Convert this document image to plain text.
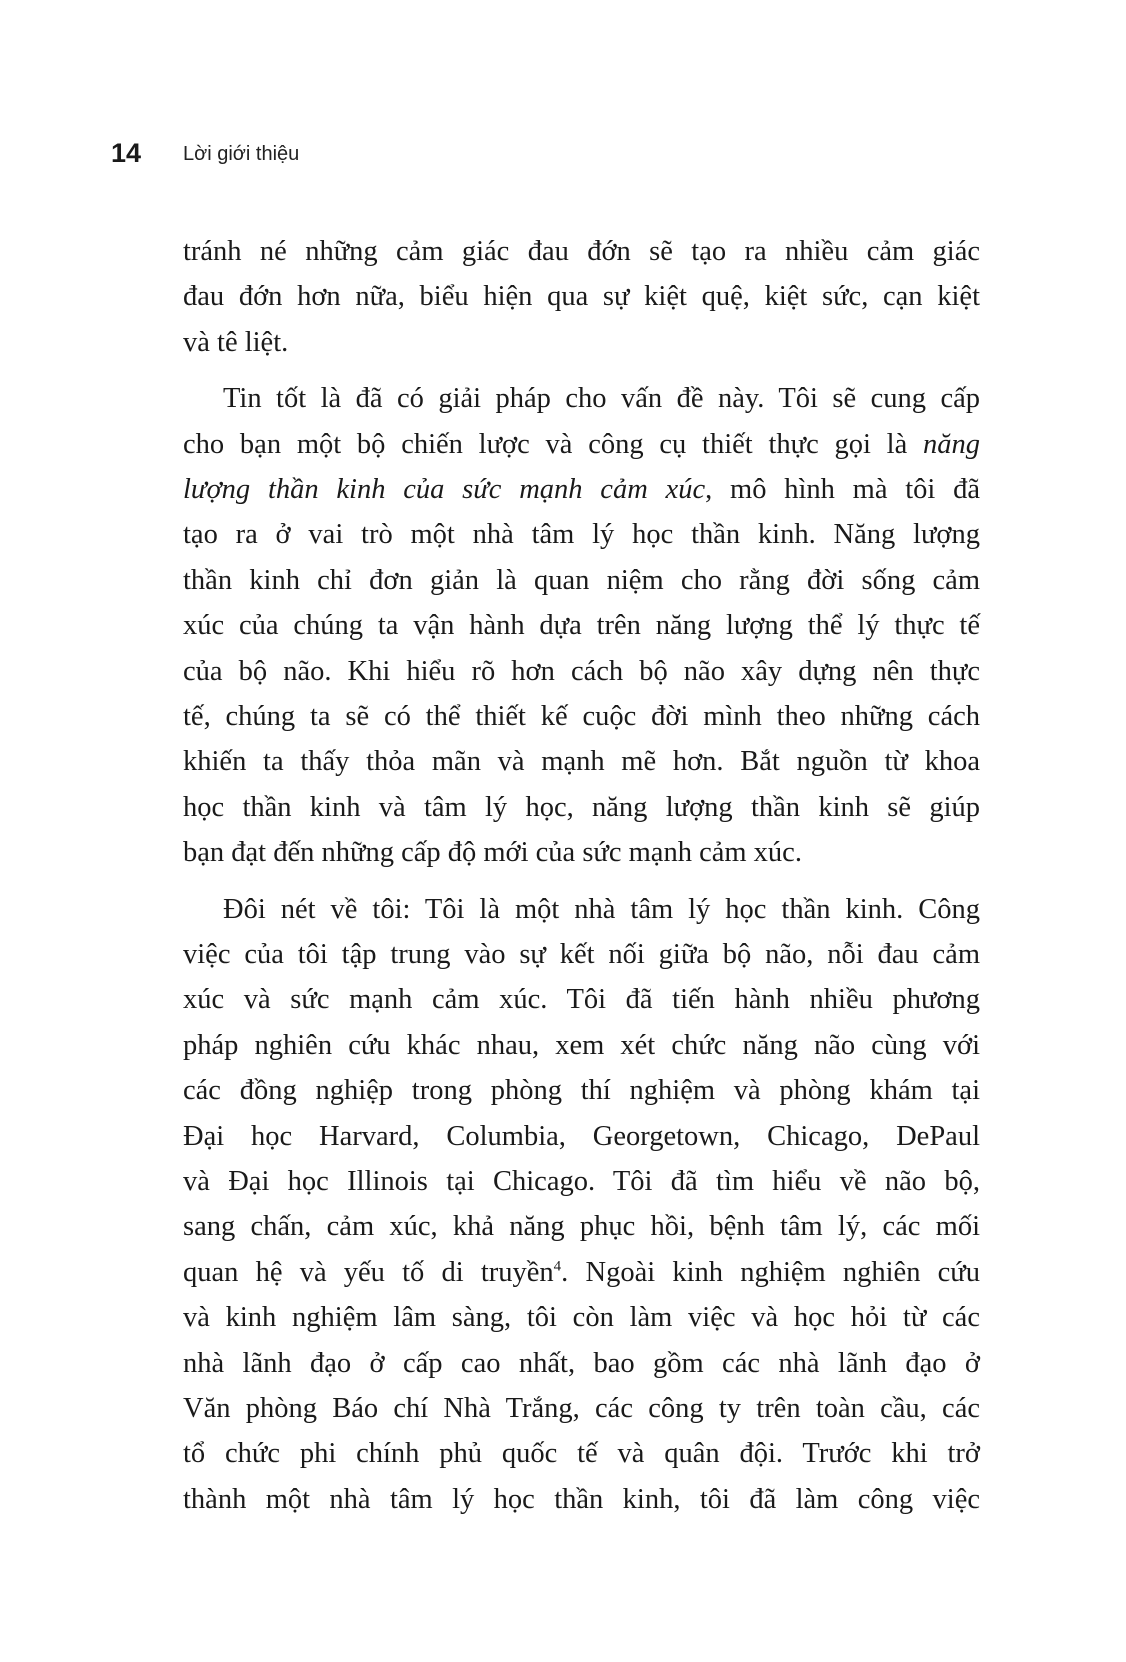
14 Lời giới thiệu
tránh né những cảm giác đau đớn sẽ tạo ra nhiều cảm giác
đau đớn hơn nữa, biểu hiện qua sự kiệt quệ, kiệt sức, cạn kiệt
và tê liệt.
Tin tốt là đã có giải pháp cho vấn đề này. Tôi sẽ cung cấp
cho bạn một bộ chiến lược và công cụ thiết thực gọi là năng
lượng thần kinh của sức mạnh cảm xúc, mô hình mà tôi đã
tạo ra ở vai trò một nhà tâm lý học thần kinh. Năng lượng
thần kinh chỉ đơn giản là quan niệm cho rằng đời sống cảm
xúc của chúng ta vận hành dựa trên năng lượng thể lý thực tế
của bộ não. Khi hiểu rõ hơn cách bộ não xây dựng nên thực
tế, chúng ta sẽ có thể thiết kế cuộc đời mình theo những cách
khiến ta thấy thỏa mãn và mạnh mẽ hơn. Bắt nguồn từ khoa
học thần kinh và tâm lý học, năng lượng thần kinh sẽ giúp
bạn đạt đến những cấp độ mới của sức mạnh cảm xúc.
Đôi nét về tôi: Tôi là một nhà tâm lý học thần kinh. Công
việc của tôi tập trung vào sự kết nối giữa bộ não, nỗi đau cảm
xúc và sức mạnh cảm xúc. Tôi đã tiến hành nhiều phương
pháp nghiên cứu khác nhau, xem xét chức năng não cùng với
các đồng nghiệp trong phòng thí nghiệm và phòng khám tại
Đại học Harvard, Columbia, Georgetown, Chicago, DePaul
và Đại học Illinois tại Chicago. Tôi đã tìm hiểu về não bộ,
sang chấn, cảm xúc, khả năng phục hồi, bệnh tâm lý, các mối
quan hệ và yếu tố di truyền$^4$. Ngoài kinh nghiệm nghiên cứu
và kinh nghiệm lâm sàng, tôi còn làm việc và học hỏi từ các
nhà lãnh đạo ở cấp cao nhất, bao gồm các nhà lãnh đạo ở
Văn phòng Báo chí Nhà Trắng, các công ty trên toàn cầu, các
tổ chức phi chính phủ quốc tế và quân đội. Trước khi trở
thành một nhà tâm lý học thần kinh, tôi đã làm công việc
